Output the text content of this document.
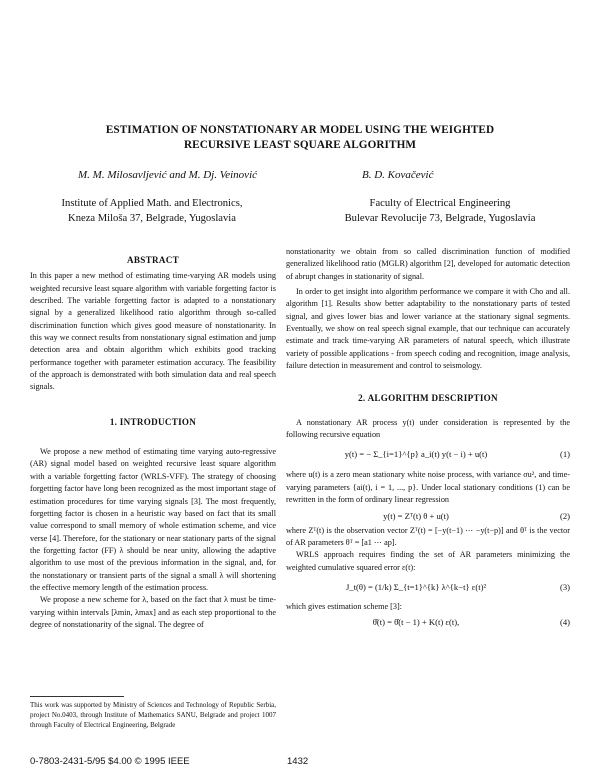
ESTIMATION OF NONSTATIONARY AR MODEL USING THE WEIGHTED
RECURSIVE LEAST SQUARE ALGORITHM
M. M. Milosavljević and M. Dj. Veinović	B. D. Kovačević
Institute of Applied Math. and Electronics,
Kneza Miloša 37, Belgrade, Yugoslavia
Faculty of Electrical Engineering
Bulevar Revolucije 73, Belgrade, Yugoslavia
ABSTRACT

In this paper a new method of estimating time-varying AR models using weighted recursive least square algorithm with variable forgetting factor is described. The variable forgetting factor is adapted to a nonstationary signal by a generalized likelihood ratio algorithm through so-called discrimination function which gives good measure of nonstationarity. In this way we connect results from nonstationary signal estimation and jump detection area and obtain algorithm which exhibits good tracking performance together with parameter estimation accuracy. The feasibility of the approach is demonstrated with both simulation data and real speech signals.

1. INTRODUCTION

We propose a new method of estimating time varying auto-regressive (AR) signal model based on weighted recursive least square algorithm with a variable forgetting factor (WRLS-VFF). The strategy of choosing forgetting factor have long been recognized as the most important stage of estimation procedures for time varying signals [3]. The most frequently, forgetting factor is chosen in a heuristic way based on fact that its small value correspond to small memory of whole estimation scheme, and vice verse [4]. Therefore, for the stationary or near stationary parts of the signal the forgetting factor (FF) λ should be near unity, allowing the adaptive algorithm to use most of the previous information in the signal, and, for the nonstationary or transient parts of the signal a small λ will shortening the effective memory length of the estimation process.

We propose a new scheme for λ, based on the fact that λ must be time-varying within intervals [λmin, λmax] and as each step proportional to the degree of nonstationarity of the signal. The degree of

This work was supported by Ministry of Sciences and Technology of Republic Serbia, project No.0403, through Institute of Mathematics SANU, Belgrade and project 1007 through Faculty of Electrical Engineering, Belgrade

nonstationarity we obtain from so called discrimination function of modified generalized likelihood ratio (MGLR) algorithm [2], developed for automatic detection of abrupt changes in stationarity of signal.

In order to get insight into algorithm performance we compare it with Cho and all. algorithm [1]. Results show better adaptability to the nonstationary parts of tested signal, and gives lower bias and lower variance at the stationary signal segments. Eventually, we show on real speech signal example, that our technique can accurately estimate and track time-varying AR parameters of natural speech, which illustrate variety of possible applications - from speech coding and recognition, image analysis, failure detection in measurement and control to seismology.

2. ALGORITHM DESCRIPTION

A nonstationary AR process y(t) under consideration is represented by the following recursive equation

y(t) = − Σ_{i=1}^{p} a_i(t) y(t − i) + u(t)	(1)

where u(t) is a zero mean stationary white noise process, with variance σu², and time-varying parameters {ai(t), i = 1, ..., p}. Under local stationary conditions (1) can be rewritten in the form of ordinary linear regression

y(t) = Zᵀ(t) θ + u(t)	(2)

where Zᵀ(t) is the observation vector Zᵀ(t) = [−y(t−1) ⋯ −y(t−p)] and θᵀ is the vector of AR parameters θᵀ = [a1 ⋯ ap].

WRLS approach requires finding the set of AR parameters minimizing the weighted cumulative squared error ε(t):

J_t(θ) = (1/k) Σ_{t=1}^{k} λ^{k−t} ε(t)²	(3)

which gives estimation scheme [3]:

θ̂(t) = θ̂(t − 1) + K(t) ε(t),	(4)
0-7803-2431-5/95 $4.00 © 1995 IEEE	1432
